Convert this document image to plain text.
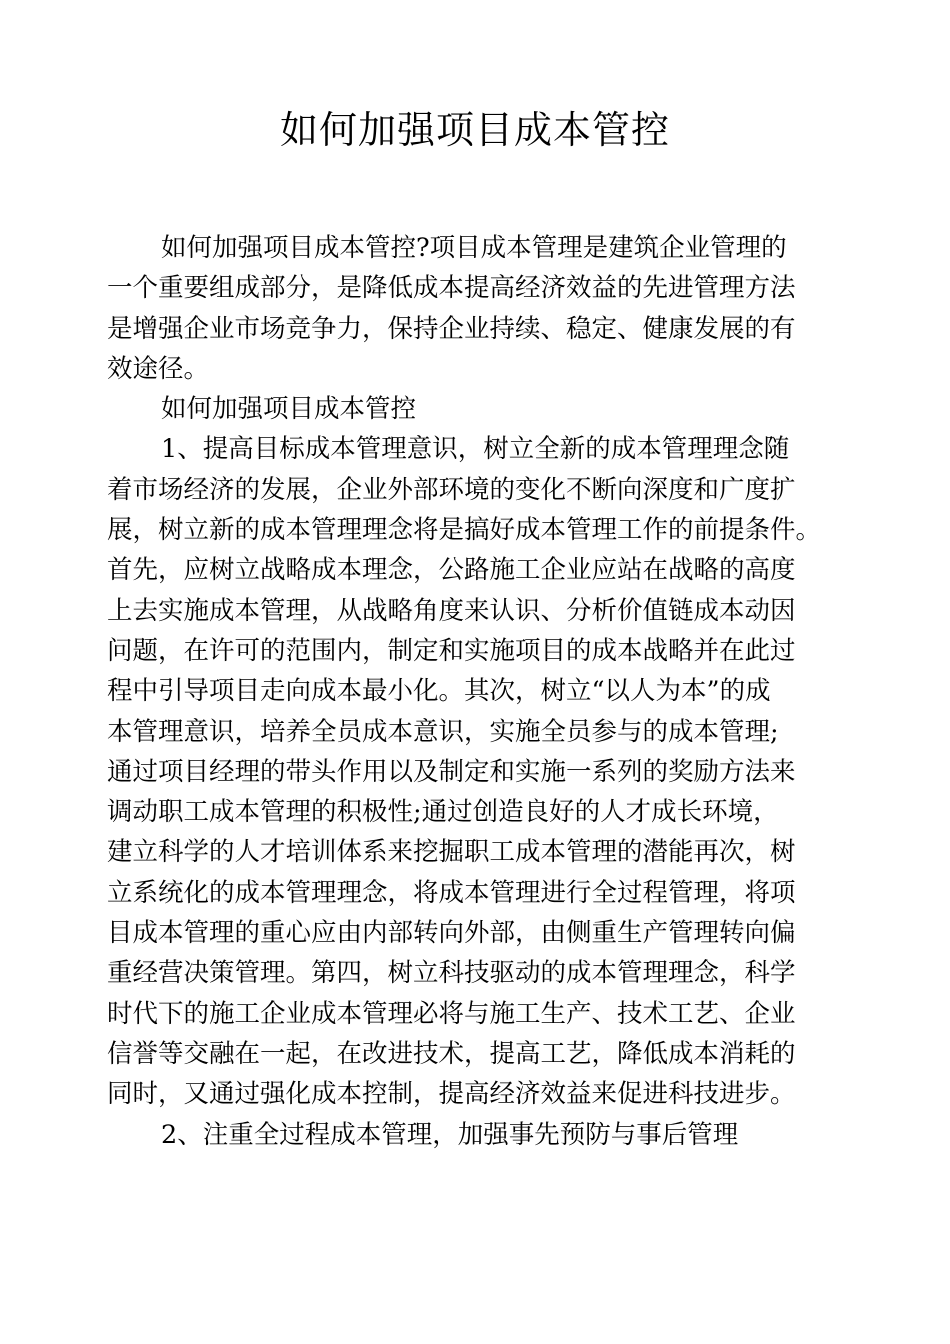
如何加强项目成本管控
如何加强项目成本管控?项目成本管理是建筑企业管理的
一个重要组成部分，是降低成本提高经济效益的先进管理方法
是增强企业市场竞争力，保持企业持续、稳定、健康发展的有
效途径。
如何加强项目成本管控
1、提高目标成本管理意识，树立全新的成本管理理念随
着市场经济的发展，企业外部环境的变化不断向深度和广度扩
展，树立新的成本管理理念将是搞好成本管理工作的前提条件。
首先，应树立战略成本理念，公路施工企业应站在战略的高度
上去实施成本管理，从战略角度来认识、分析价值链成本动因
问题，在许可的范围内，制定和实施项目的成本战略并在此过
程中引导项目走向成本最小化。其次，树立“以人为本”的成
本管理意识，培养全员成本意识，实施全员参与的成本管理;
通过项目经理的带头作用以及制定和实施一系列的奖励方法来
调动职工成本管理的积极性;通过创造良好的人才成长环境，
建立科学的人才培训体系来挖掘职工成本管理的潜能再次，树
立系统化的成本管理理念，将成本管理进行全过程管理，将项
目成本管理的重心应由内部转向外部，由侧重生产管理转向偏
重经营决策管理。第四，树立科技驱动的成本管理理念，科学
时代下的施工企业成本管理必将与施工生产、技术工艺、企业
信誉等交融在一起，在改进技术，提高工艺，降低成本消耗的
同时，又通过强化成本控制，提高经济效益来促进科技进步。
2、注重全过程成本管理，加强事先预防与事后管理
